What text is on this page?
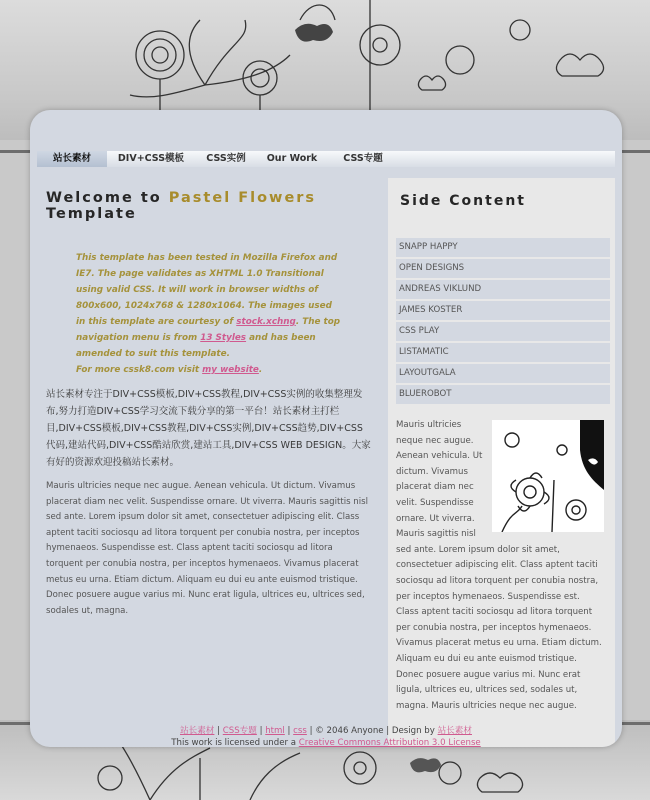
站长素材	DIV+CSS模板	CSS实例	Our Work	CSS专题
Welcome to Pastel Flowers
Template
This template has been tested in Mozilla Firefox and IE7. The page validates as XHTML 1.0 Transitional using valid CSS. It will work in browser widths of 800x600, 1024x768 & 1280x1064. The images used in this template are courtesy of stock.xchng. The top navigation menu is from 13 Styles and has been amended to suit this template.
For more cssk8.com visit my website.
站长素材专注于DIV+CSS模板,DIV+CSS教程,DIV+CSS实例的收集整理发布,努力打造DIV+CSS学习交流下载分享的第一平台！站长素材主打栏目,DIV+CSS模板,DIV+CSS教程,DIV+CSS实例,DIV+CSS趋势,DIV+CSS代码,建站代码,DIV+CSS酷站欣赏,建站工具,DIV+CSS WEB DESIGN。大家有好的资源欢迎投稿站长素材。
Mauris ultricies neque nec augue. Aenean vehicula. Ut dictum. Vivamus placerat diam nec velit. Suspendisse ornare. Ut viverra. Mauris sagittis nisl sed ante. Lorem ipsum dolor sit amet, consectetuer adipiscing elit. Class aptent taciti sociosqu ad litora torquent per conubia nostra, per inceptos hymenaeos. Suspendisse est. Class aptent taciti sociosqu ad litora torquent per conubia nostra, per inceptos hymenaeos. Vivamus placerat metus eu urna. Etiam dictum. Aliquam eu dui eu ante euismod tristique. Donec posuere augue varius mi. Nunc erat ligula, ultrices eu, ultrices sed, sodales ut, magna.
Side Content
SNAPP HAPPY
OPEN DESIGNS
ANDREAS VIKLUND
JAMES KOSTER
CSS PLAY
LISTAMATIC
LAYOUTGALA
BLUEROBOT
Mauris ultricies neque nec augue. Aenean vehicula. Ut dictum. Vivamus placerat diam nec velit. Suspendisse ornare. Ut viverra. Mauris sagittis nisl sed ante. Lorem ipsum dolor sit amet, consectetuer adipiscing elit. Class aptent taciti sociosqu ad litora torquent per conubia nostra, per inceptos hymenaeos. Suspendisse est. Class aptent taciti sociosqu ad litora torquent per conubia nostra, per inceptos hymenaeos. Vivamus placerat metus eu urna. Etiam dictum. Aliquam eu dui eu ante euismod tristique. Donec posuere augue varius mi. Nunc erat ligula, ultrices eu, ultrices sed, sodales ut, magna. Mauris ultricies neque nec augue.
站长素材 | CSS专题 | html | css | © 2046 Anyone | Design by 站长素材
This work is licensed under a Creative Commons Attribution 3.0 License
